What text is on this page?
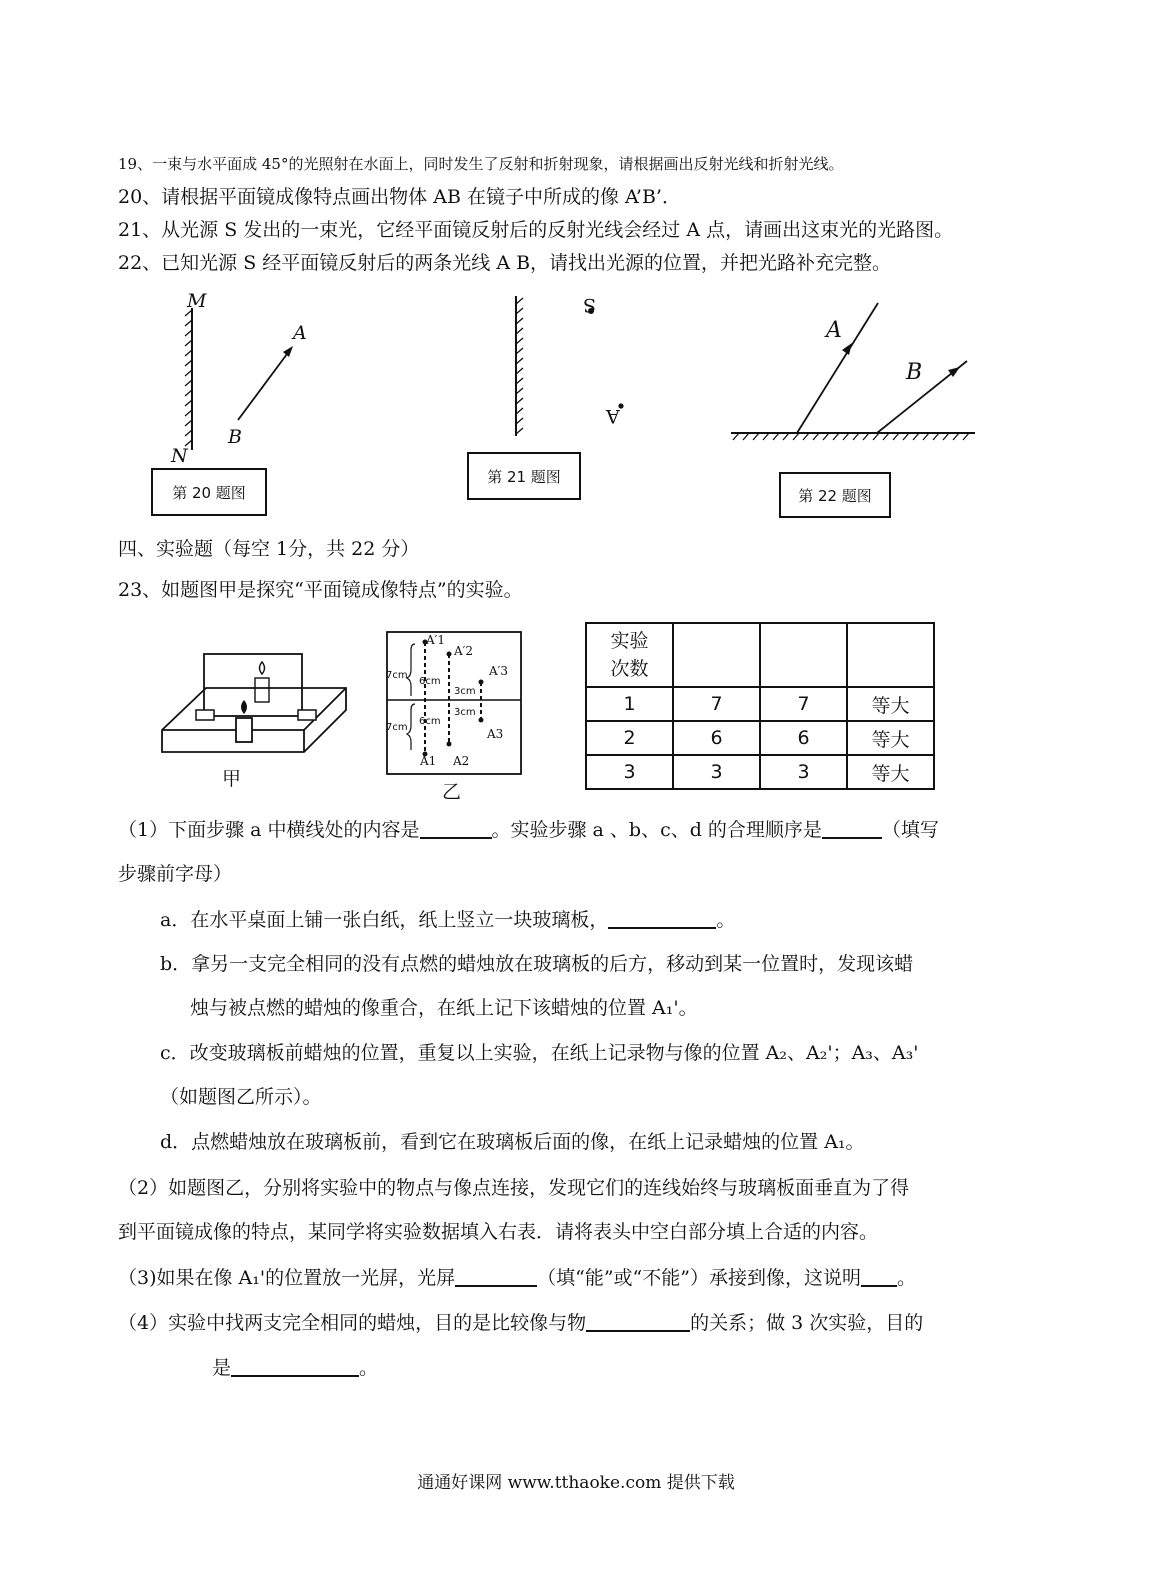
19、一束与水平面成 45°的光照射在水面上，同时发生了反射和折射现象，请根据画出反射光线和折射光线。
20、请根据平面镜成像特点画出物体 AB 在镜子中所成的像 A’B’．
21、从光源 S 发出的一束光，它经平面镜反射后的反射光线会经过 A 点，请画出这束光的光路图。
22、已知光源 S 经平面镜反射后的两条光线 A B，请找出光源的位置，并把光路补充完整。
M
N
A
B
第 20 题图
S
A
第 21 题图
A
B
第 22 题图
四、实验题（每空 1分，共 22 分）
23、如题图甲是探究“平面镜成像特点”的实验。
甲
A′1
A′2
A′3
A1 A2
A3
7cm
6cm
3cm
7cm
6cm
3cm
乙
实验
次数			
1	7	7	等大
2	6	6	等大
3	3	3	等大
（1）下面步骤 a 中横线处的内容是	。实验步骤 a 、b、c、d 的合理顺序是	（填写
步骤前字母）
a．在水平桌面上铺一张白纸，纸上竖立一块玻璃板，	。
b．拿另一支完全相同的没有点燃的蜡烛放在玻璃板的后方，移动到某一位置时，发现该蜡
烛与被点燃的蜡烛的像重合，在纸上记下该蜡烛的位置 A₁'。
c．改变玻璃板前蜡烛的位置，重复以上实验，在纸上记录物与像的位置 A₂、A₂'；A₃、A₃'
（如题图乙所示）。
d．点燃蜡烛放在玻璃板前，看到它在玻璃板后面的像，在纸上记录蜡烛的位置 A₁。
（2）如题图乙，分别将实验中的物点与像点连接，发现它们的连线始终与玻璃板面垂直为了得
到平面镜成像的特点，某同学将实验数据填入右表．请将表头中空白部分填上合适的内容。
（3)如果在像 A₁'的位置放一光屏，光屏	（填“能”或“不能”）承接到像，这说明 。
（4）实验中找两支完全相同的蜡烛，目的是比较像与物	的关系；做 3 次实验，目的
是	。
通通好课网 www.tthaoke.com 提供下载
